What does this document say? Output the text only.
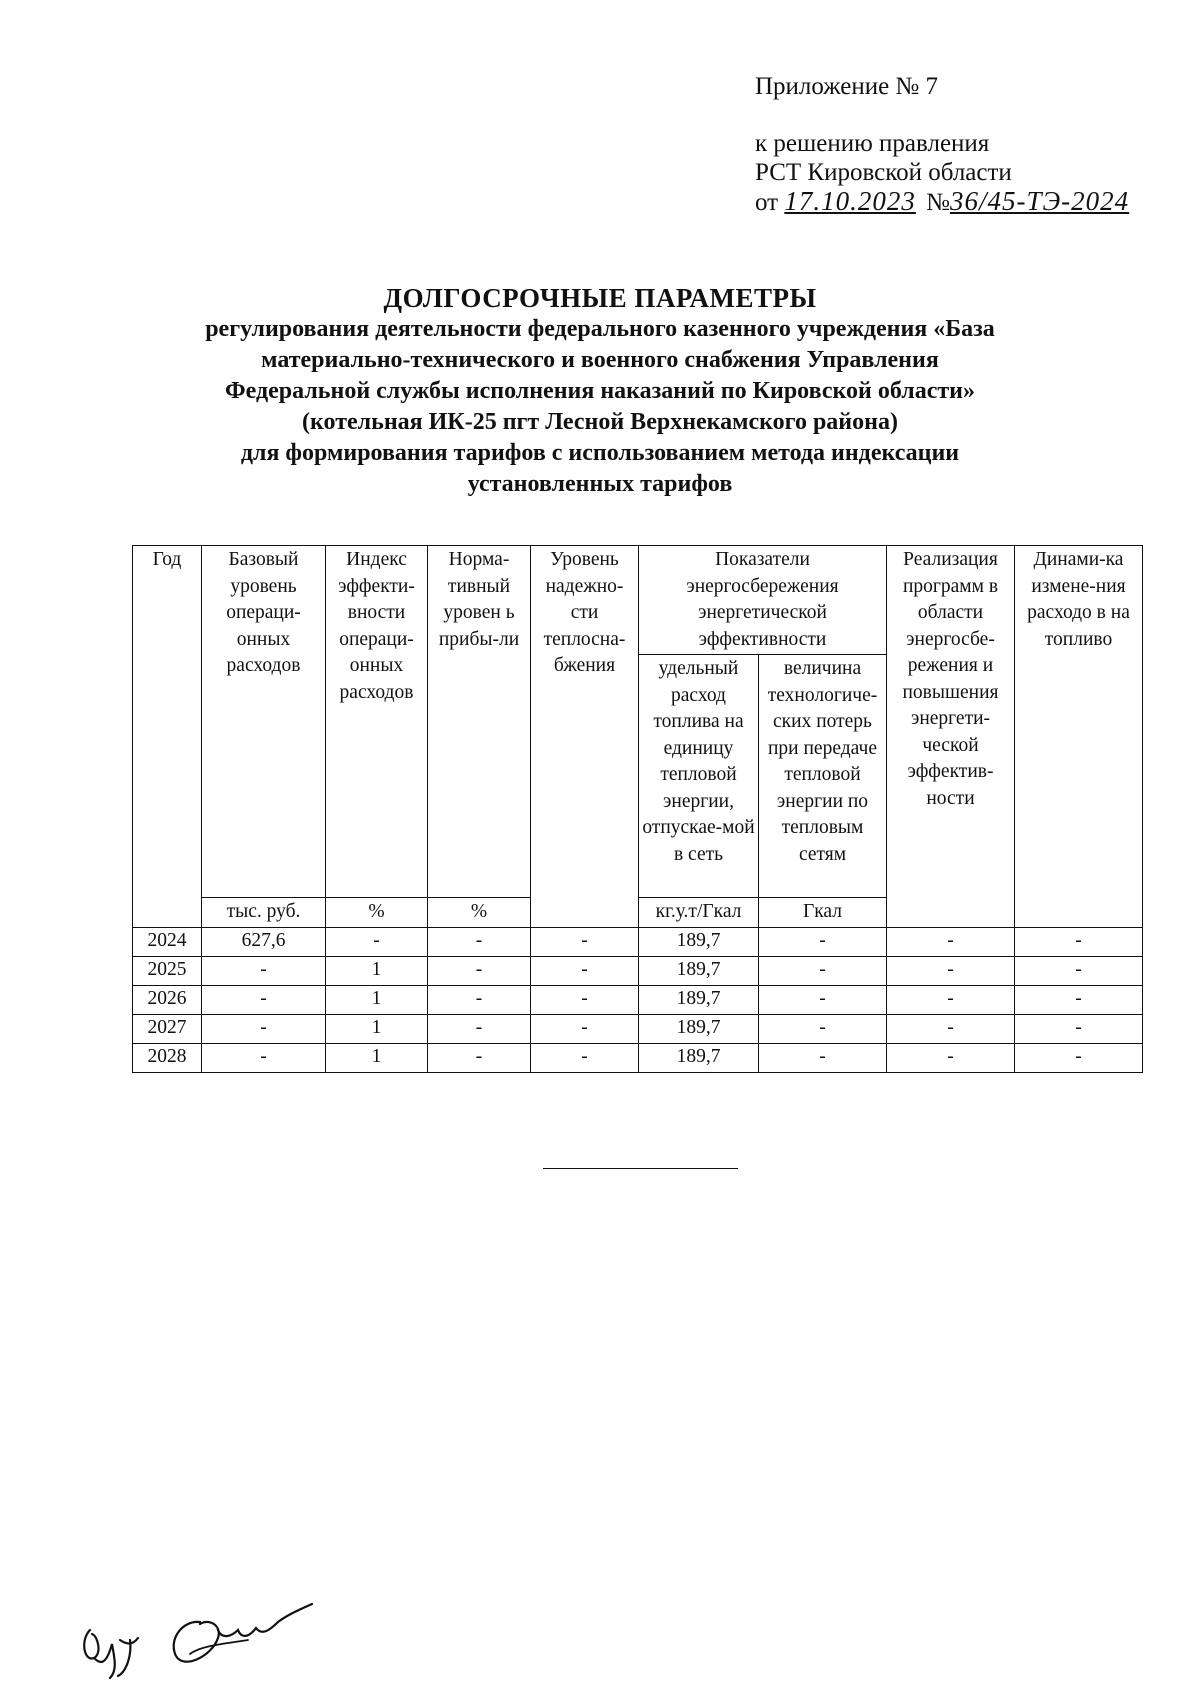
Приложение № 7
к решению правления
РСТ Кировской области
от 17.10.2023 №36/45-ТЭ-2024
ДОЛГОСРОЧНЫЕ ПАРАМЕТРЫ
регулирования деятельности федерального казенного учреждения «База
материально-технического и военного снабжения Управления
Федеральной службы исполнения наказаний по Кировской области»
(котельная ИК-25 пгт Лесной Верхнекамского района)
для формирования тарифов с использованием метода индексации
установленных тарифов
Год	Базовый уровень операци-онных расходов	Индекс эффекти-вности операци-онных расходов	Норма-тивный уровен ь прибы-ли	Уровень надежно-сти теплосна-бжения	Показатели энергосбережения энергетической эффективности		Реализация программ в области энергосбе-режения и повышения энергети-ческой эффектив-ности	Динами-ка измене-ния расходо в на топливо
					удельный расход топлива на единицу тепловой энергии, отпускае-мой в сеть	величина технологиче-ских потерь при передаче тепловой энергии по тепловым сетям		
	тыс. руб.	%	%		кг.у.т/Гкал	Гкал		
2024	627,6	-	-	-	189,7	-	-	-
2025	-	1	-	-	189,7	-	-	-
2026	-	1	-	-	189,7	-	-	-
2027	-	1	-	-	189,7	-	-	-
2028	-	1	-	-	189,7	-	-	-
